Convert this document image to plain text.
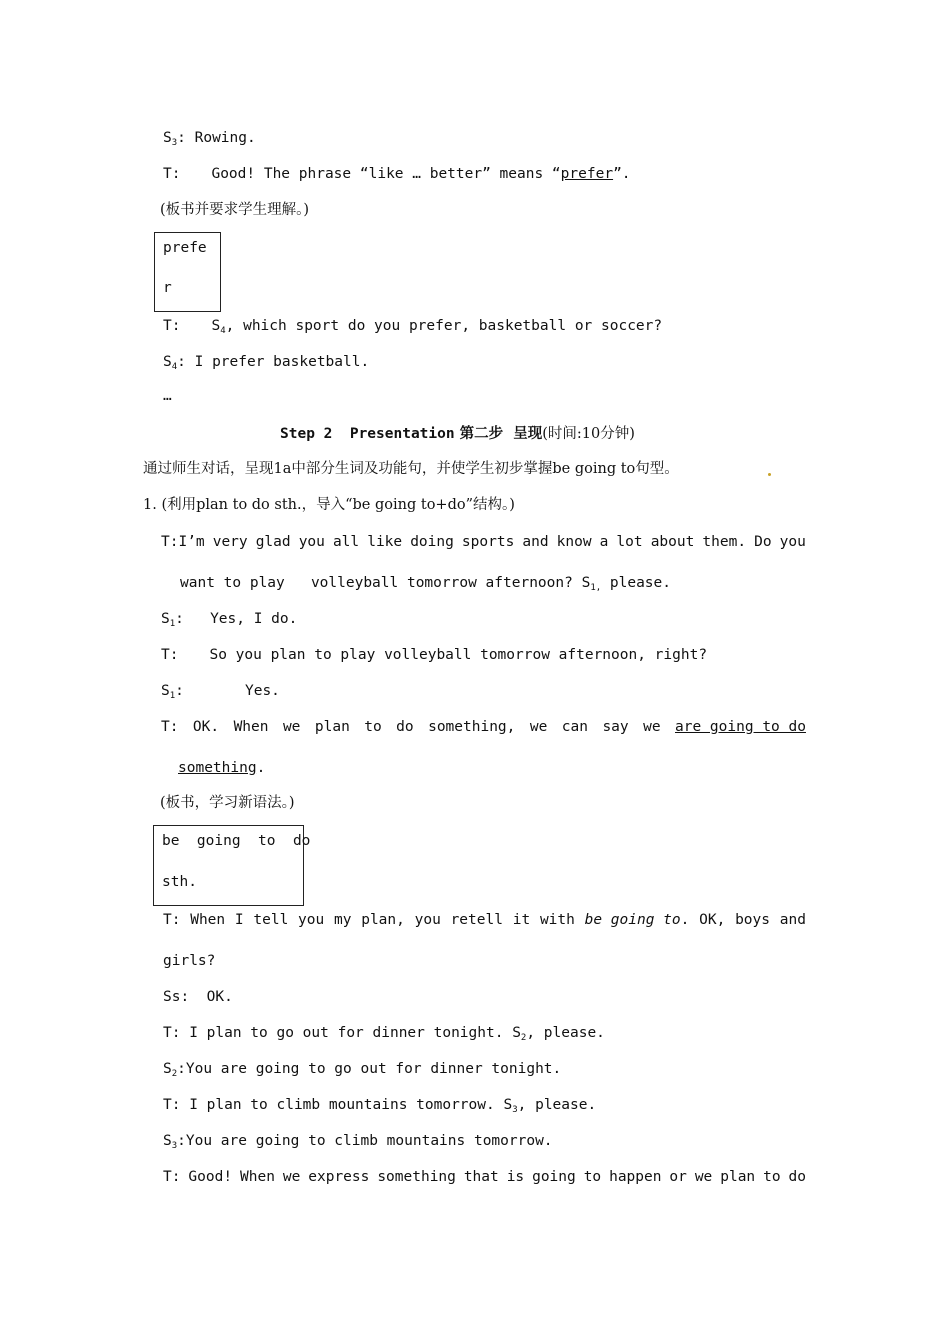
$S_3$: Rowing.
T: Good! The phrase “like … better” means “prefer”.
(板书并要求学生理解。)
prefe
r
T: $S_4$, which sport do you prefer, basketball or soccer?
$S_4$: I prefer basketball.
…
Step 2  Presentation 第二步  呈现(时间:10分钟)
通过师生对话，呈现1a中部分生词及功能句，并使学生初步掌握be going to句型。
1. (利用plan to do sth.，导入“be going to+do”结构。)
T:I’m very glad you all like doing sports and know a lot about them. Do you
want to play   volleyball tomorrow afternoon? $S_{1,}$ please.
$S_1$:   Yes, I do.
T: So you plan to play volleyball tomorrow afternoon, right?
$S_1$:       Yes.
T: OK. When we plan to do something, we can say we are going to do
something.
(板书，学习新语法。)
be  going  to  do
sth.
T: When I tell you my plan, you retell it with be going to. OK, boys and
girls?
Ss:  OK.
T: I plan to go out for dinner tonight. $S_2$, please.
$S_2:You$ are going to go out for dinner tonight.
T: I plan to climb mountains tomorrow. $S_3$, please.
$S_3:You$ are going to climb mountains tomorrow.
T: Good! When we express something that is going to happen or we plan to do
